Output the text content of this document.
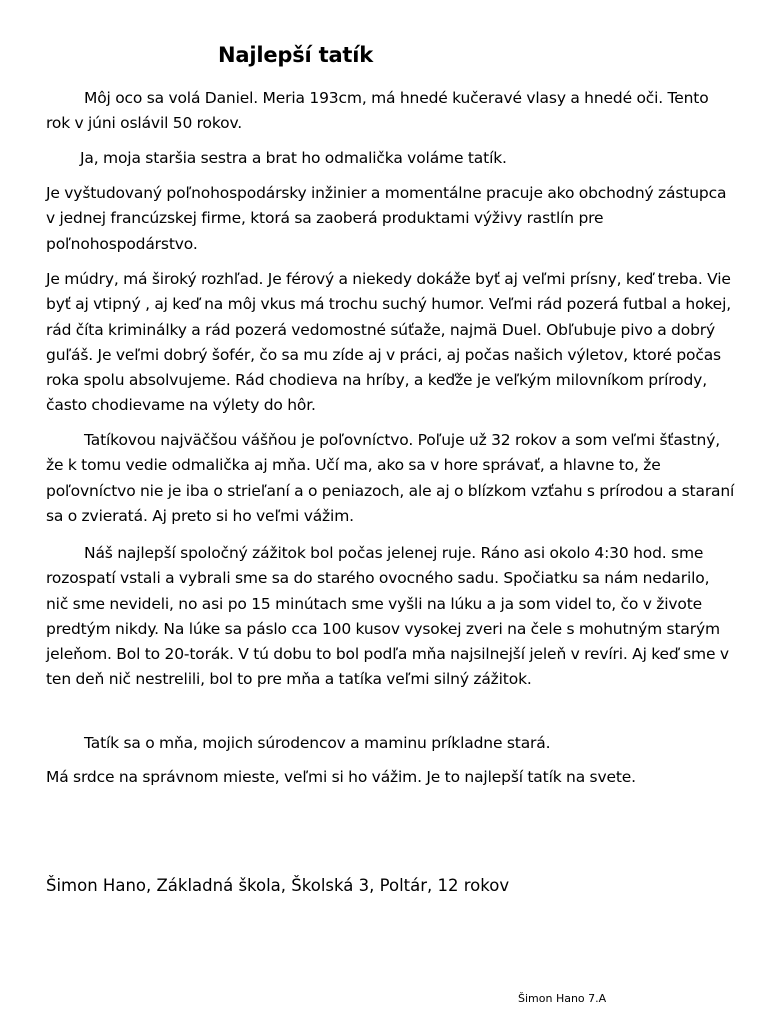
Najlepší tatík

Môj oco sa volá Daniel. Meria 193cm, má hnedé kučeravé vlasy a hnedé oči. Tento rok v júni oslávil 50 rokov.

Ja, moja staršia sestra a brat ho odmalička voláme tatík.

Je vyštudovaný poľnohospodársky inžinier a momentálne pracuje ako obchodný zástupca v jednej francúzskej firme, ktorá sa zaoberá produktami výživy rastlín pre poľnohospodárstvo.

Je múdry, má široký rozhľad. Je férový a niekedy dokáže byť aj veľmi prísny, keď treba. Vie byť aj vtipný , aj keď na môj vkus má trochu suchý humor. Veľmi rád pozerá futbal a hokej, rád číta kriminálky a rád pozerá vedomostné súťaže, najmä Duel. Obľubuje pivo a dobrý guľáš. Je veľmi dobrý šofér, čo sa mu zíde aj v práci, aj počas našich výletov, ktoré počas roka spolu absolvujeme. Rád chodieva na hríby, a keďže je veľkým milovníkom prírody, často chodievame na výlety do hôr.

Tatíkovou najväčšou vášňou je poľovníctvo. Poľuje už 32 rokov a som veľmi šťastný, že k tomu vedie odmalička aj mňa. Učí ma, ako sa v hore správať, a hlavne to, že poľovníctvo nie je iba o strieľaní a o peniazoch, ale aj o blízkom vzťahu s prírodou a staraní sa o zvieratá. Aj preto si ho veľmi vážim.

Náš najlepší spoločný zážitok bol počas jelenej ruje. Ráno asi okolo 4:30 hod. sme rozospatí vstali a vybrali sme sa do starého ovocného sadu. Spočiatku sa nám nedarilo, nič sme nevideli, no asi po 15 minútach sme vyšli na lúku a ja som videl to, čo v živote predtým nikdy. Na lúke sa páslo cca 100 kusov vysokej zveri na čele s mohutným starým jeleňom. Bol to 20-torák. V tú dobu to bol podľa mňa najsilnejší jeleň v revíri. Aj keď sme v ten deň nič nestrelili, bol to pre mňa a tatíka veľmi silný zážitok.

Tatík sa o mňa, mojich súrodencov a maminu príkladne stará.

Má srdce na správnom mieste, veľmi si ho vážim. Je to najlepší tatík na svete.

Šimon Hano, Základná škola, Školská 3, Poltár, 12 rokov

Šimon Hano 7.A
